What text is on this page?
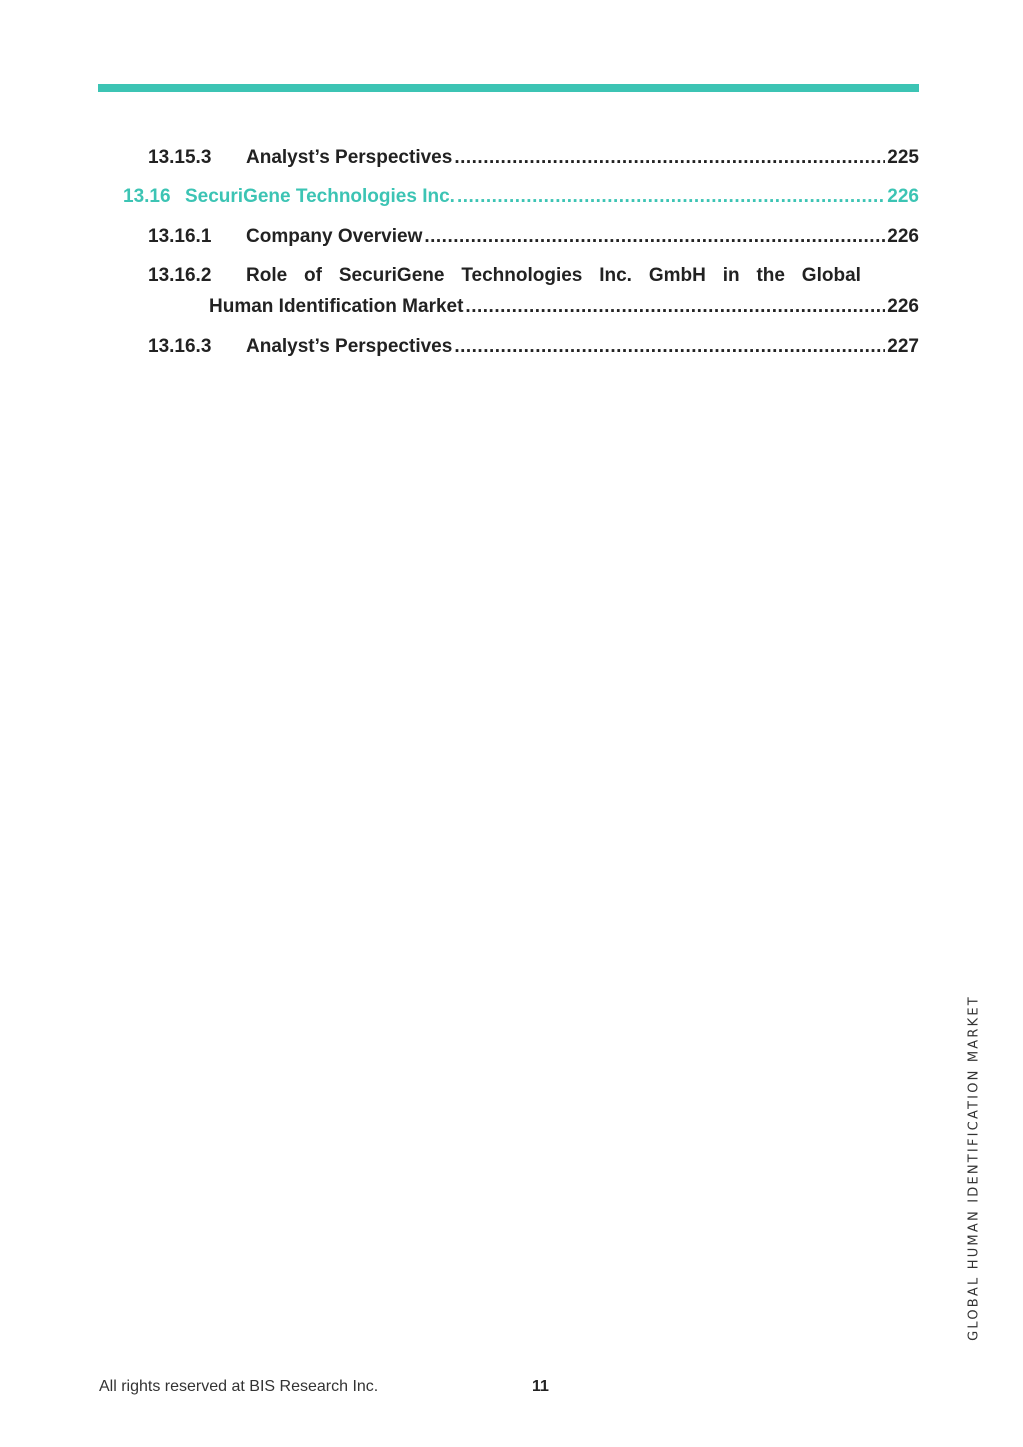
13.15.3	Analyst’s Perspectives .....	225
13.16 SecuriGene Technologies Inc. .....	226
13.16.1	Company Overview .....	226
13.16.2	Role of SecuriGene Technologies Inc. GmbH in the Global
Human Identification Market .....	226
13.16.3	Analyst’s Perspectives .....	227
GLOBAL HUMAN IDENTIFICATION MARKET
All rights reserved at BIS Research Inc.	11
